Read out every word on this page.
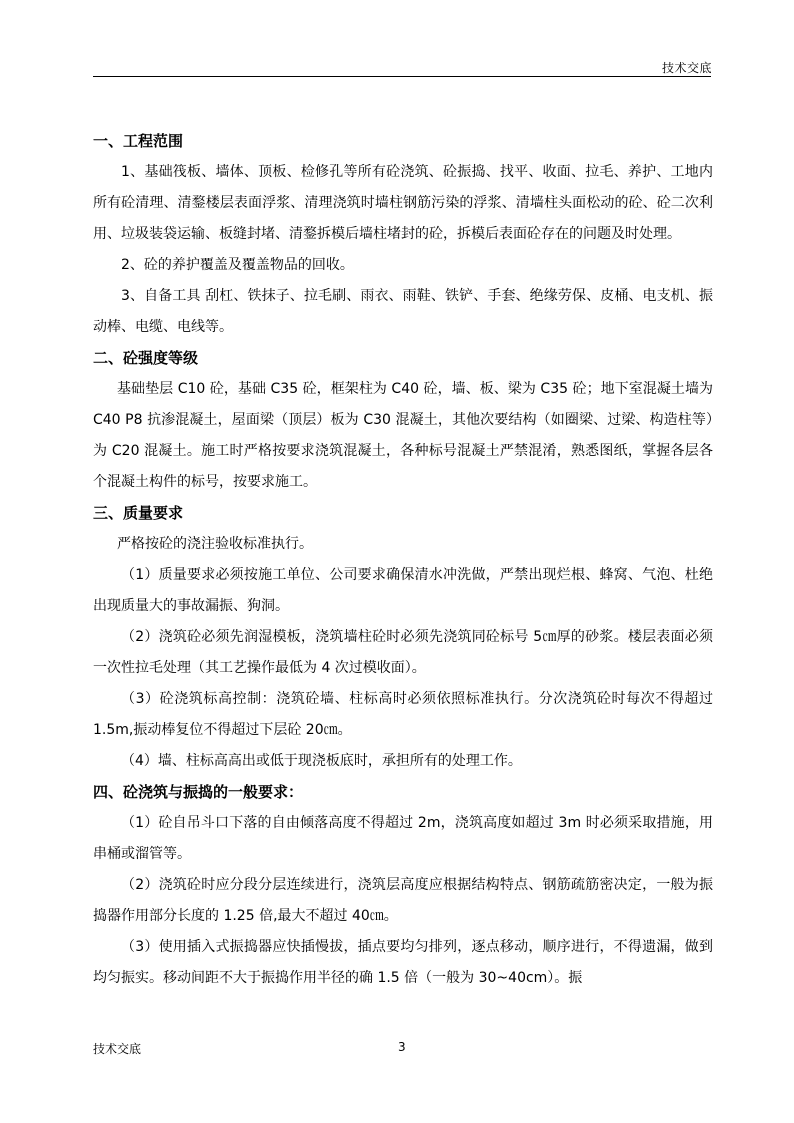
技术交底

一、工程范围

1、基础筏板、墙体、顶板、检修孔等所有砼浇筑、砼振捣、找平、收面、拉毛、养护、工地内所有砼清理、清鍪楼层表面浮浆、清理浇筑时墙柱钢筋污染的浮浆、清墙柱头面松动的砼、砼二次利用、垃圾装袋运输、板缝封堵、清鍪拆模后墙柱堵封的砼，拆模后表面砼存在的问题及时处理。

2、砼的养护覆盖及覆盖物品的回收。

3、自备工具 刮杠、铁抹子、拉毛刷、雨衣、雨鞋、铁铲、手套、绝缘劳保、皮桶、电支机、振动棒、电缆、电线等。

二、砼强度等级

基础垫层 C10 砼，基础 C35 砼，框架柱为 C40 砼，墙、板、梁为 C35 砼；地下室混凝土墙为 C40 P8 抗渗混凝土，屋面梁（顶层）板为 C30 混凝土，其他次要结构（如圈梁、过梁、构造柱等）为 C20 混凝土。施工时严格按要求浇筑混凝土，各种标号混凝土严禁混淆，熟悉图纸，掌握各层各个混凝土构件的标号，按要求施工。

三、质量要求

严格按砼的浇注验收标准执行。

（1）质量要求必须按施工单位、公司要求确保清水冲洗做，严禁出现烂根、蜂窝、气泡、杜绝出现质量大的事故漏振、狗洞。

（2）浇筑砼必须先润湿模板，浇筑墙柱砼时必须先浇筑同砼标号 5㎝厚的砂浆。楼层表面必须一次性拉毛处理（其工艺操作最低为 4 次过模收面）。

（3）砼浇筑标高控制：浇筑砼墙、柱标高时必须依照标准执行。分次浇筑砼时每次不得超过 1.5m,振动棒复位不得超过下层砼 20㎝。

（4）墙、柱标高高出或低于现浇板底时，承担所有的处理工作。

四、砼浇筑与振捣的一般要求：

（1）砼自吊斗口下落的自由倾落高度不得超过 2m，浇筑高度如超过 3m 时必须采取措施，用串桶或溜管等。

（2）浇筑砼时应分段分层连续进行，浇筑层高度应根据结构特点、钢筋疏筋密决定，一般为振捣器作用部分长度的 1.25 倍,最大不超过 40㎝。

（3）使用插入式振捣器应快插慢拔，插点要均匀排列，逐点移动，顺序进行，不得遗漏，做到均匀振实。移动间距不大于振捣作用半径的确 1.5 倍（一般为 30~40cm）。振

技术交底	3
